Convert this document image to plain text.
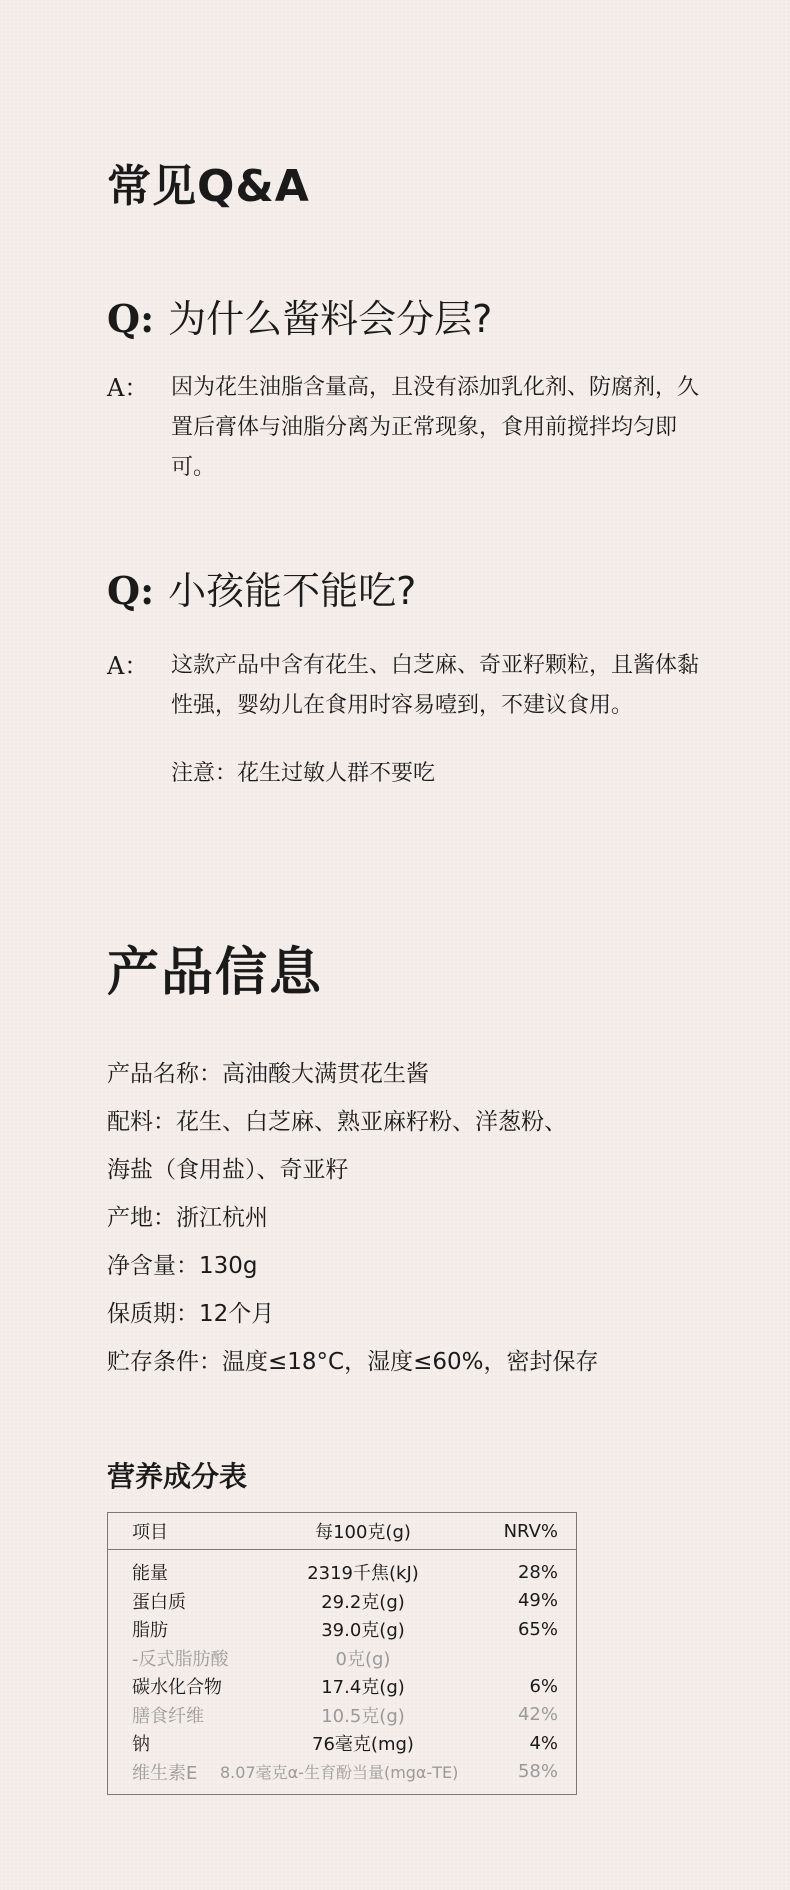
常见Q&A
Q: 为什么酱料会分层?
A：	因为花生油脂含量高，且没有添加乳化剂、防腐剂，久置后膏体与油脂分离为正常现象，食用前搅拌均匀即可。
Q: 小孩能不能吃?
A：	这款产品中含有花生、白芝麻、奇亚籽颗粒，且酱体黏性强，婴幼儿在食用时容易噎到，不建议食用。
注意：花生过敏人群不要吃
产品信息
产品名称：高油酸大满贯花生酱
配料：花生、白芝麻、熟亚麻籽粉、洋葱粉、
海盐（食用盐）、奇亚籽
产地：浙江杭州
净含量：130g
保质期：12个月
贮存条件：温度≤18°C，湿度≤60%，密封保存
营养成分表
项目	每100克(g)	NRV%
能量	2319千焦(kJ)	28%
蛋白质	29.2克(g)	49%
脂肪	39.0克(g)	65%
-反式脂肪酸	0克(g)
碳水化合物	17.4克(g)	6%
膳食纤维	10.5克(g)	42%
钠	76毫克(mg)	4%
维生素E	8.07毫克α-生育酚当量(mgα-TE)	58%
